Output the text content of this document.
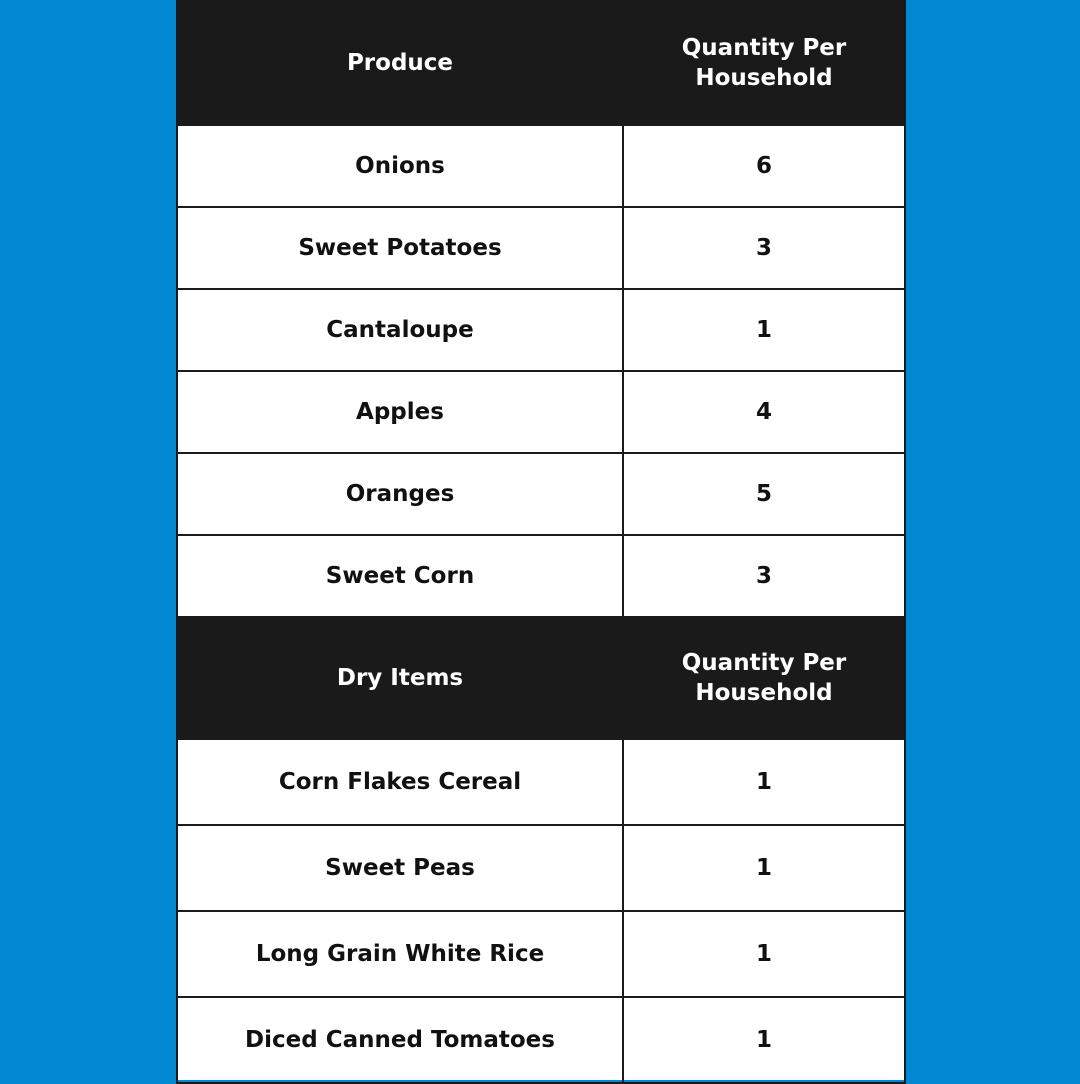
Produce	Quantity Per Household
Onions	6
Sweet Potatoes	3
Cantaloupe	1
Apples	4
Oranges	5
Sweet Corn	3
Dry Items	Quantity Per Household
Corn Flakes Cereal	1
Sweet Peas	1
Long Grain White Rice	1
Diced Canned Tomatoes	1
